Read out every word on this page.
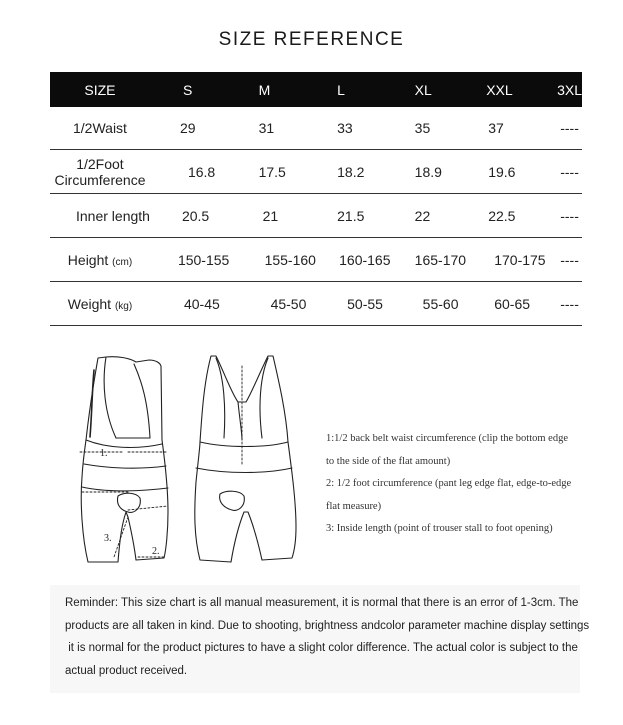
SIZE REFERENCE
SIZE	S	M	L	XL	XXL	3XL
1/2Waist	29	31	33	35	37	----
1/2Foot
Circumference	16.8	17.5	18.2	18.9	19.6	----
Inner length	20.5	21	21.5	22	22.5	----
Height (cm)	150-155	155-160	160-165	165-170	170-175	----
Weight (kg)	40-45	45-50	50-55	55-60	60-65	----
1.
3.
2.
1:1/2 back belt waist circumference (clip the bottom edge
to the side of the flat amount)
2: 1/2 foot circumference (pant leg edge flat, edge-to-edge
flat measure)
3: Inside length (point of trouser stall to foot opening)
Reminder: This size chart is all manual measurement, it is normal that there is an error of 1-3cm. The
products are all taken in kind. Due to shooting, brightness andcolor parameter machine display settings
it is normal for the product pictures to have a slight color difference. The actual color is subject to the
actual product received.
